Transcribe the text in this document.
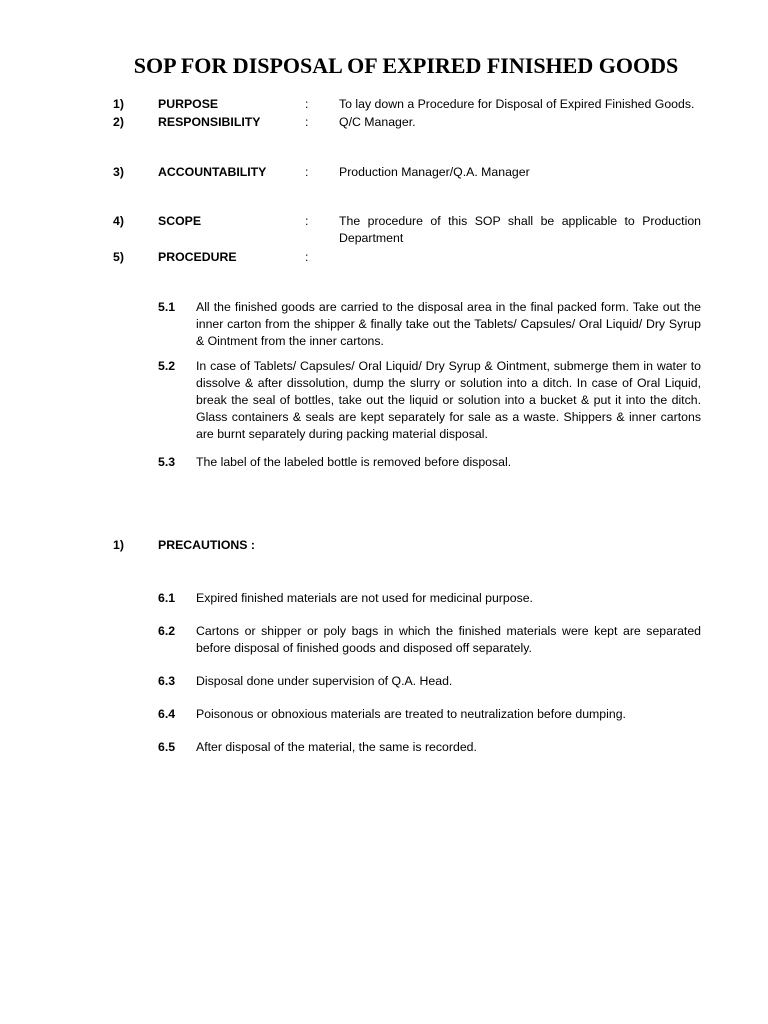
SOP FOR DISPOSAL OF EXPIRED FINISHED GOODS
1)	PURPOSE	: To lay down a Procedure for Disposal of Expired Finished Goods.
2)	RESPONSIBILITY	: Q/C Manager.
3)	ACCOUNTABILITY	: Production Manager/Q.A. Manager
4)	SCOPE	: The procedure of this SOP shall be applicable to Production Department
5)	PROCEDURE	:
5.1 All the finished goods are carried to the disposal area in the final packed form. Take out the inner carton from the shipper & finally take out the Tablets/ Capsules/ Oral Liquid/ Dry Syrup & Ointment from the inner cartons.
5.2 In case of Tablets/ Capsules/ Oral Liquid/ Dry Syrup & Ointment, submerge them in water to dissolve & after dissolution, dump the slurry or solution into a ditch. In case of Oral Liquid, break the seal of bottles, take out the liquid or solution into a bucket & put it into the ditch. Glass containers & seals are kept separately for sale as a waste. Shippers & inner cartons are burnt separately during packing material disposal.
5.3 The label of the labeled bottle is removed before disposal.
1)	PRECAUTIONS :
6.1 Expired finished materials are not used for medicinal purpose.
6.2 Cartons or shipper or poly bags in which the finished materials were kept are separated before disposal of finished goods and disposed off separately.
6.3 Disposal done under supervision of Q.A. Head.
6.4 Poisonous or obnoxious materials are treated to neutralization before dumping.
6.5 After disposal of the material, the same is recorded.
